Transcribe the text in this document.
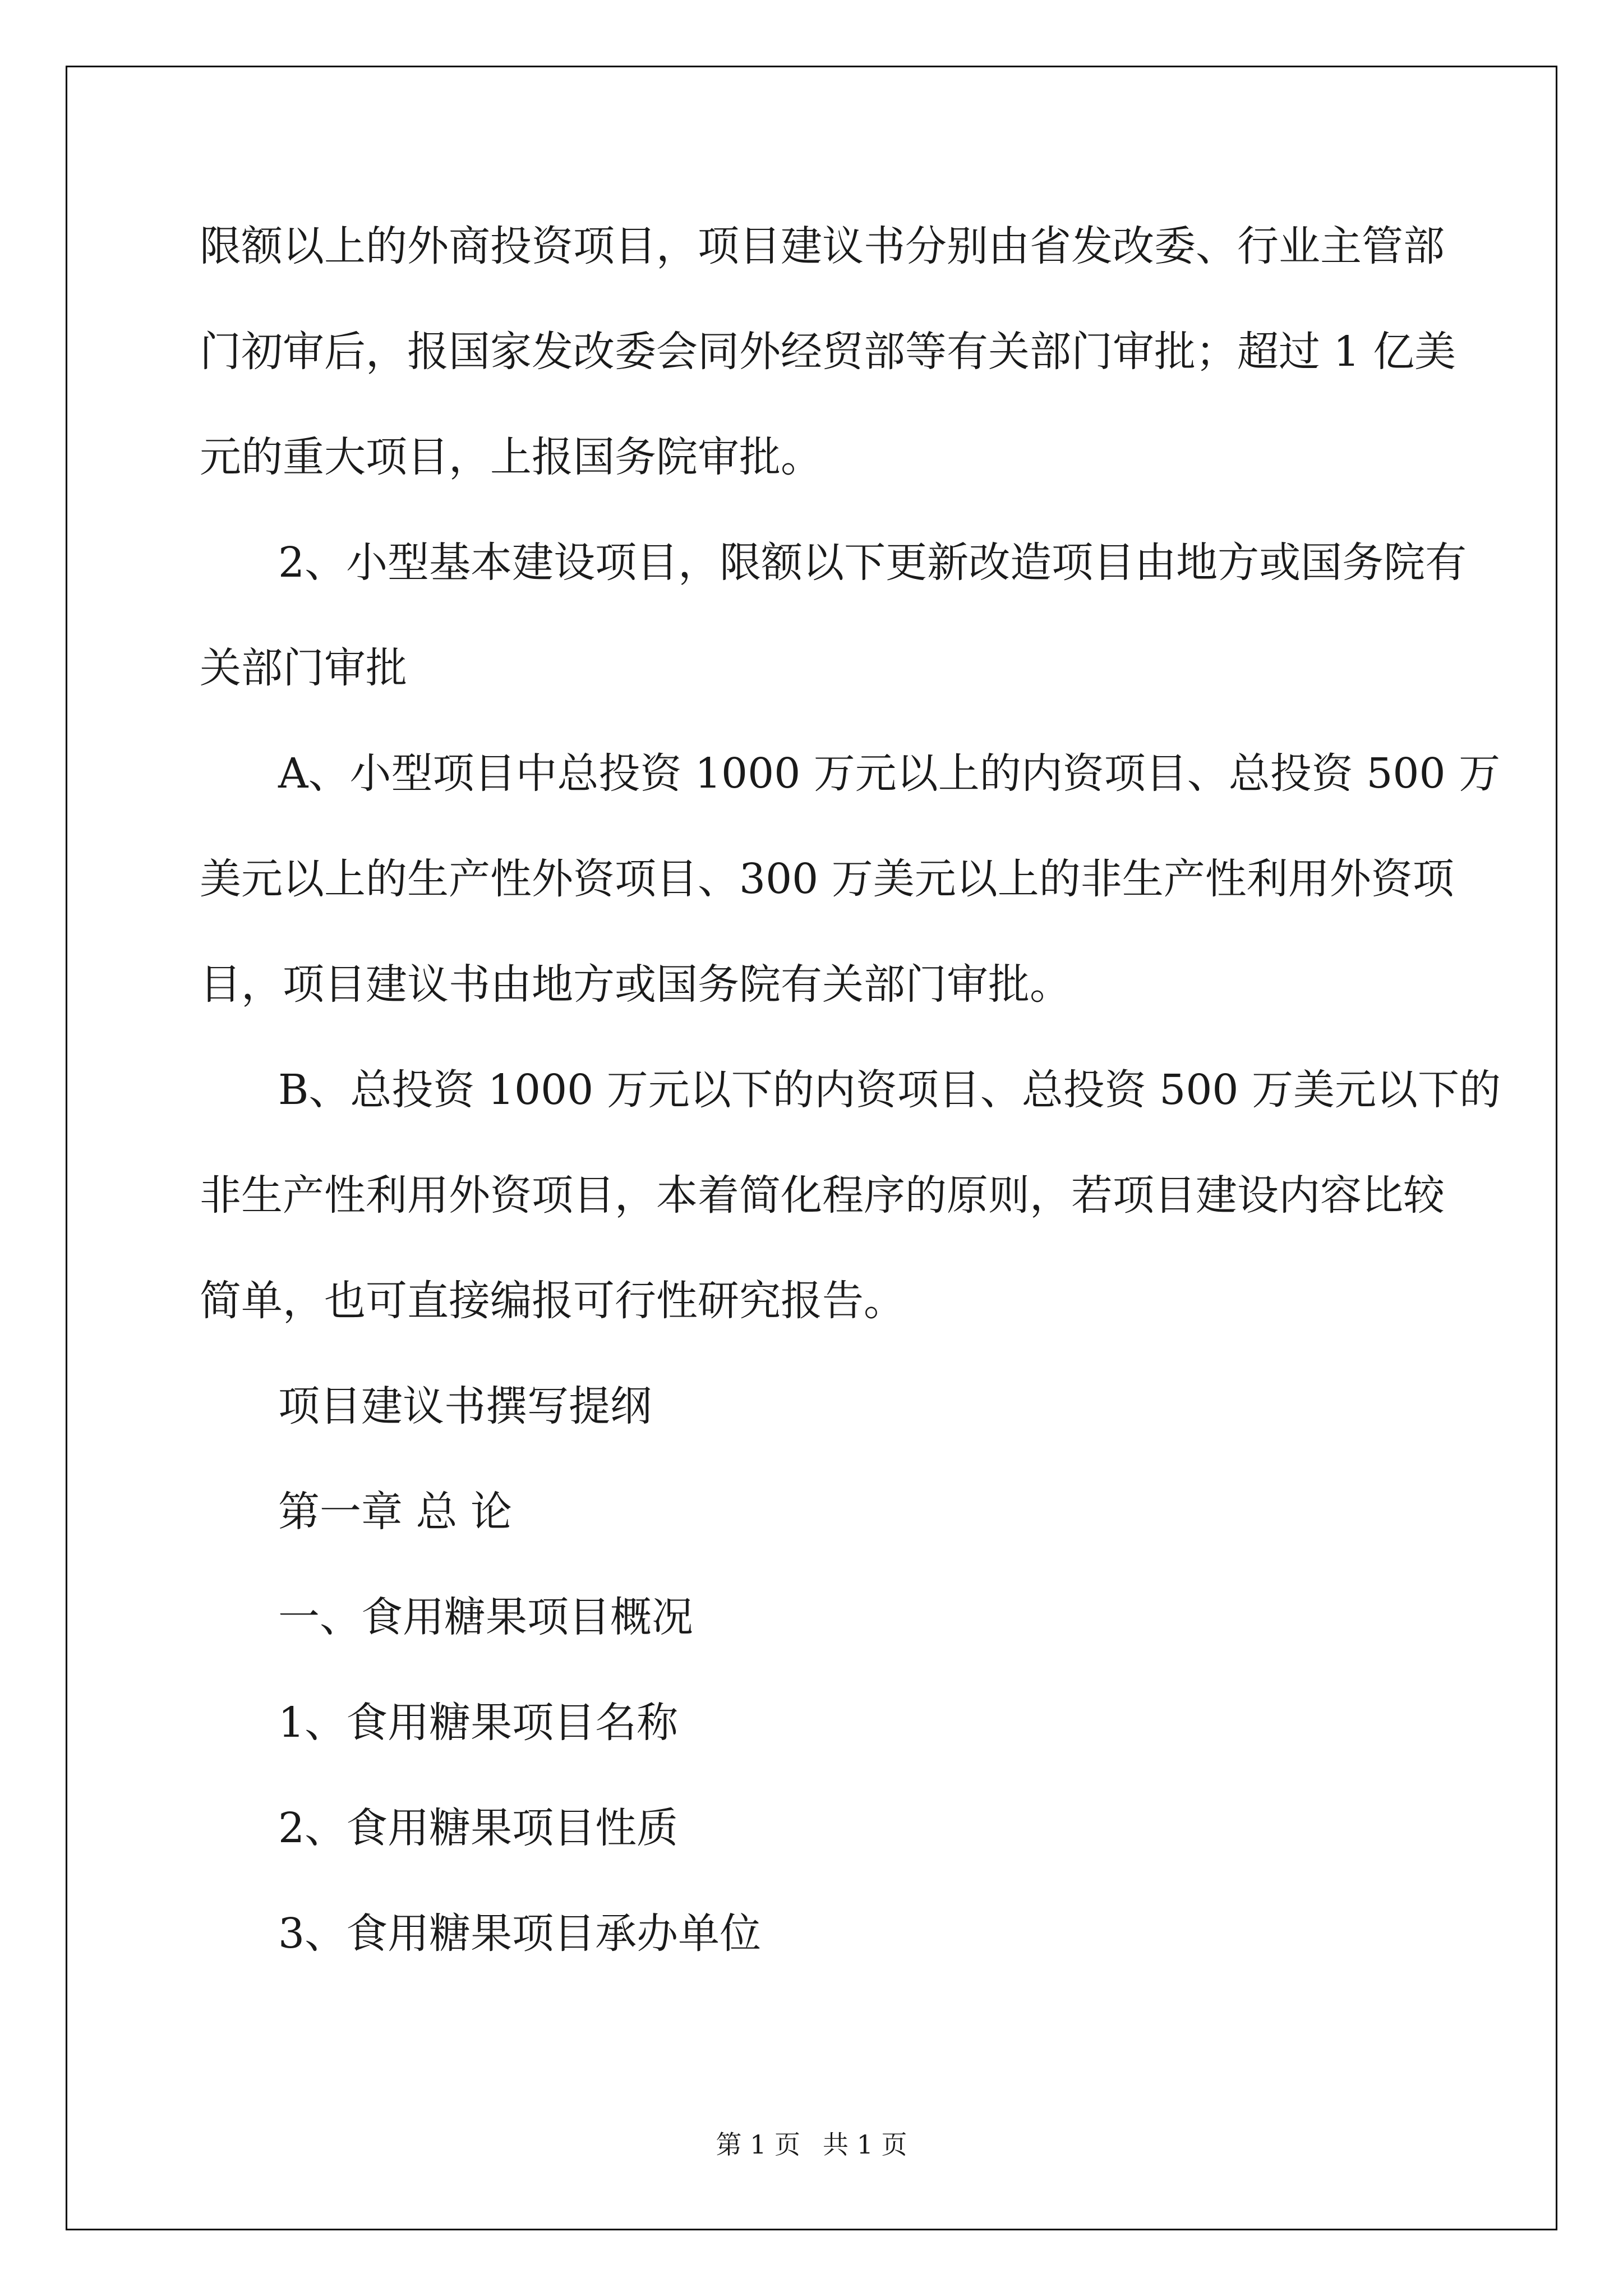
限额以上的外商投资项目，项目建议书分别由省发改委、行业主管部
门初审后，报国家发改委会同外经贸部等有关部门审批；超过 1 亿美
元的重大项目，上报国务院审批。
2、小型基本建设项目，限额以下更新改造项目由地方或国务院有
关部门审批
A、小型项目中总投资 1000 万元以上的内资项目、总投资 500 万
美元以上的生产性外资项目、300 万美元以上的非生产性利用外资项
目，项目建议书由地方或国务院有关部门审批。
B、总投资 1000 万元以下的内资项目、总投资 500 万美元以下的
非生产性利用外资项目，本着简化程序的原则，若项目建设内容比较
简单，也可直接编报可行性研究报告。
项目建议书撰写提纲
第一章 总 论
一、食用糖果项目概况
1、食用糖果项目名称
2、食用糖果项目性质
3、食用糖果项目承办单位
第 1 页 共 1 页
